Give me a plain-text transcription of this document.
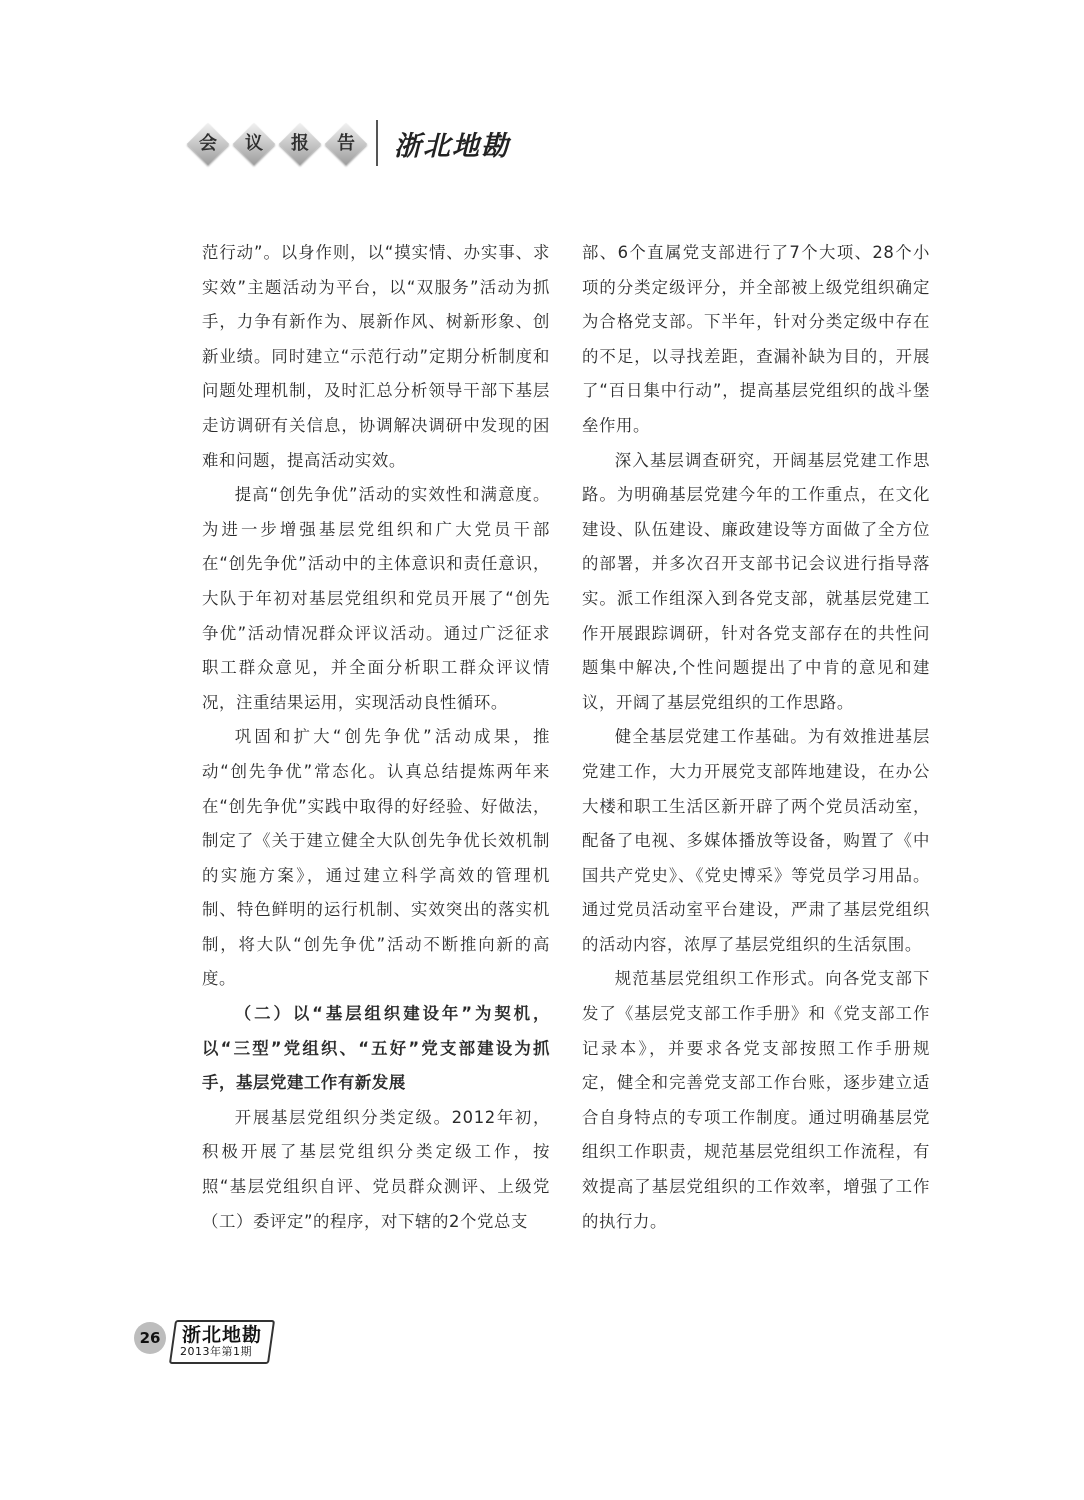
会	议	报	告	浙北地勘

范行动”。以身作则，以“摸实情、办实事、求实效”主题活动为平台，以“双服务”活动为抓手，力争有新作为、展新作风、树新形象、创新业绩。同时建立“示范行动”定期分析制度和问题处理机制，及时汇总分析领导干部下基层走访调研有关信息，协调解决调研中发现的困难和问题，提高活动实效。

提高“创先争优”活动的实效性和满意度。为进一步增强基层党组织和广大党员干部在“创先争优”活动中的主体意识和责任意识，大队于年初对基层党组织和党员开展了“创先争优”活动情况群众评议活动。通过广泛征求职工群众意见，并全面分析职工群众评议情况，注重结果运用，实现活动良性循环。

巩固和扩大“创先争优”活动成果，推动“创先争优”常态化。认真总结提炼两年来在“创先争优”实践中取得的好经验、好做法，制定了《关于建立健全大队创先争优长效机制的实施方案》，通过建立科学高效的管理机制、特色鲜明的运行机制、实效突出的落实机制，将大队“创先争优”活动不断推向新的高度。

（二）以“基层组织建设年”为契机，以“三型”党组织、“五好”党支部建设为抓手，基层党建工作有新发展

开展基层党组织分类定级。2012年初，积极开展了基层党组织分类定级工作，按照“基层党组织自评、党员群众测评、上级党（工）委评定”的程序，对下辖的2个党总支

部、6个直属党支部进行了7个大项、28个小项的分类定级评分，并全部被上级党组织确定为合格党支部。下半年，针对分类定级中存在的不足，以寻找差距，查漏补缺为目的，开展了“百日集中行动”，提高基层党组织的战斗堡垒作用。

深入基层调查研究，开阔基层党建工作思路。为明确基层党建今年的工作重点，在文化建设、队伍建设、廉政建设等方面做了全方位的部署，并多次召开支部书记会议进行指导落实。派工作组深入到各党支部，就基层党建工作开展跟踪调研，针对各党支部存在的共性问题集中解决,个性问题提出了中肯的意见和建议，开阔了基层党组织的工作思路。

健全基层党建工作基础。为有效推进基层党建工作，大力开展党支部阵地建设，在办公大楼和职工生活区新开辟了两个党员活动室，配备了电视、多媒体播放等设备，购置了《中国共产党史》、《党史博采》等党员学习用品。通过党员活动室平台建设，严肃了基层党组织的活动内容，浓厚了基层党组织的生活氛围。

规范基层党组织工作形式。向各党支部下发了《基层党支部工作手册》和《党支部工作记录本》，并要求各党支部按照工作手册规定，健全和完善党支部工作台账，逐步建立适合自身特点的专项工作制度。通过明确基层党组织工作职责，规范基层党组织工作流程，有效提高了基层党组织的工作效率，增强了工作的执行力。

26 浙北地勘
2013年第1期
